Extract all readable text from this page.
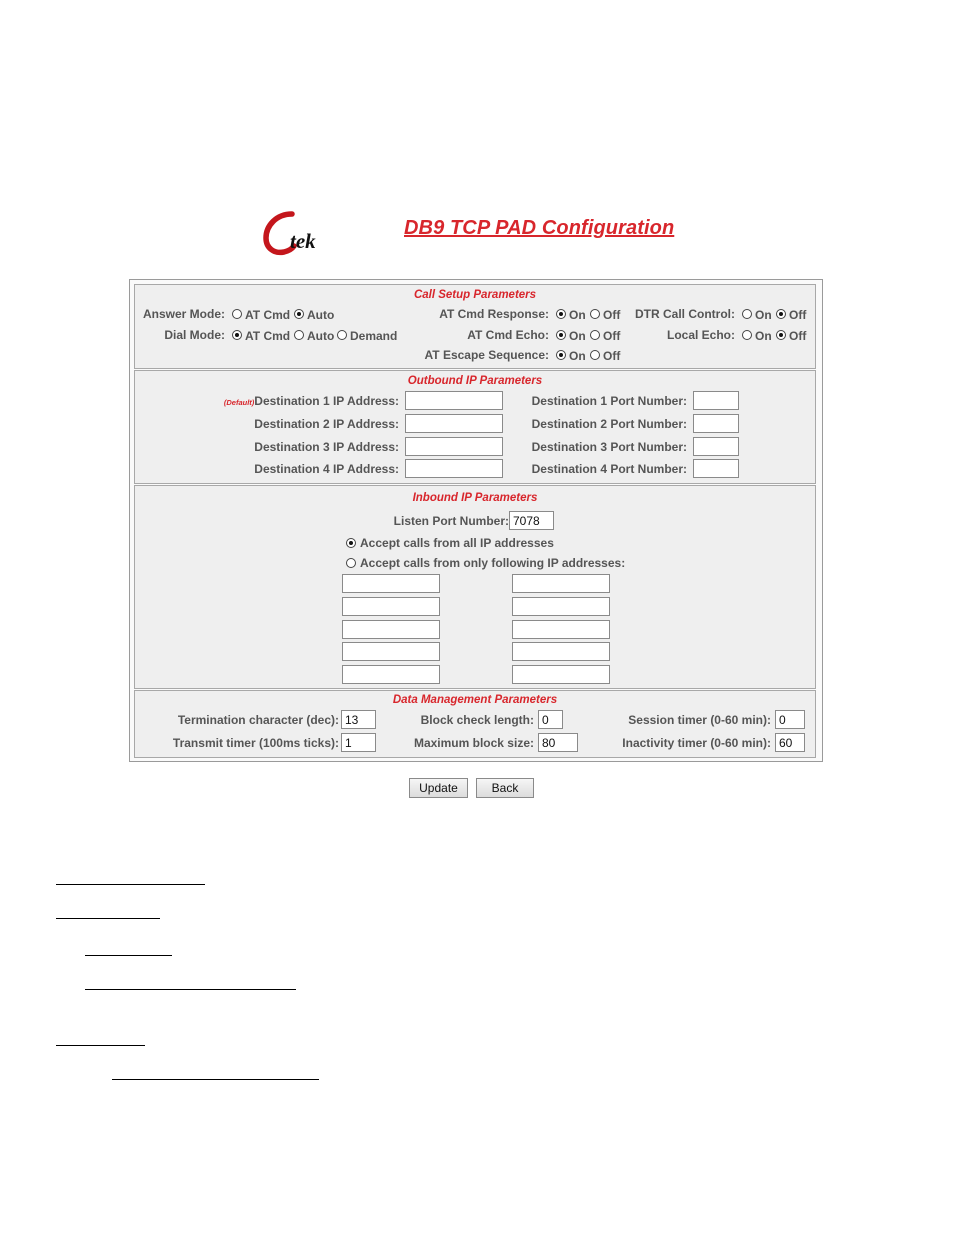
tek
DB9 TCP PAD Configuration
Call Setup Parameters
Answer Mode: AT Cmd Auto
Dial Mode: AT Cmd Auto Demand
AT Cmd Response: On Off
AT Cmd Echo: On Off
AT Escape Sequence: On Off
DTR Call Control: On Off
Local Echo: On Off
Outbound IP Parameters
(Default)Destination 1 IP Address:
Destination 2 IP Address:
Destination 3 IP Address:
Destination 4 IP Address:
Destination 1 Port Number:
Destination 2 Port Number:
Destination 3 Port Number:
Destination 4 Port Number:
Inbound IP Parameters
Listen Port Number:
7078
Accept calls from all IP addresses
Accept calls from only following IP addresses:
Data Management Parameters
Termination character (dec):
13
Transmit timer (100ms ticks):
1
Block check length:
0
Maximum block size:
80
Session timer (0-60 min):
0
Inactivity timer (0-60 min):
60
Update	Back
